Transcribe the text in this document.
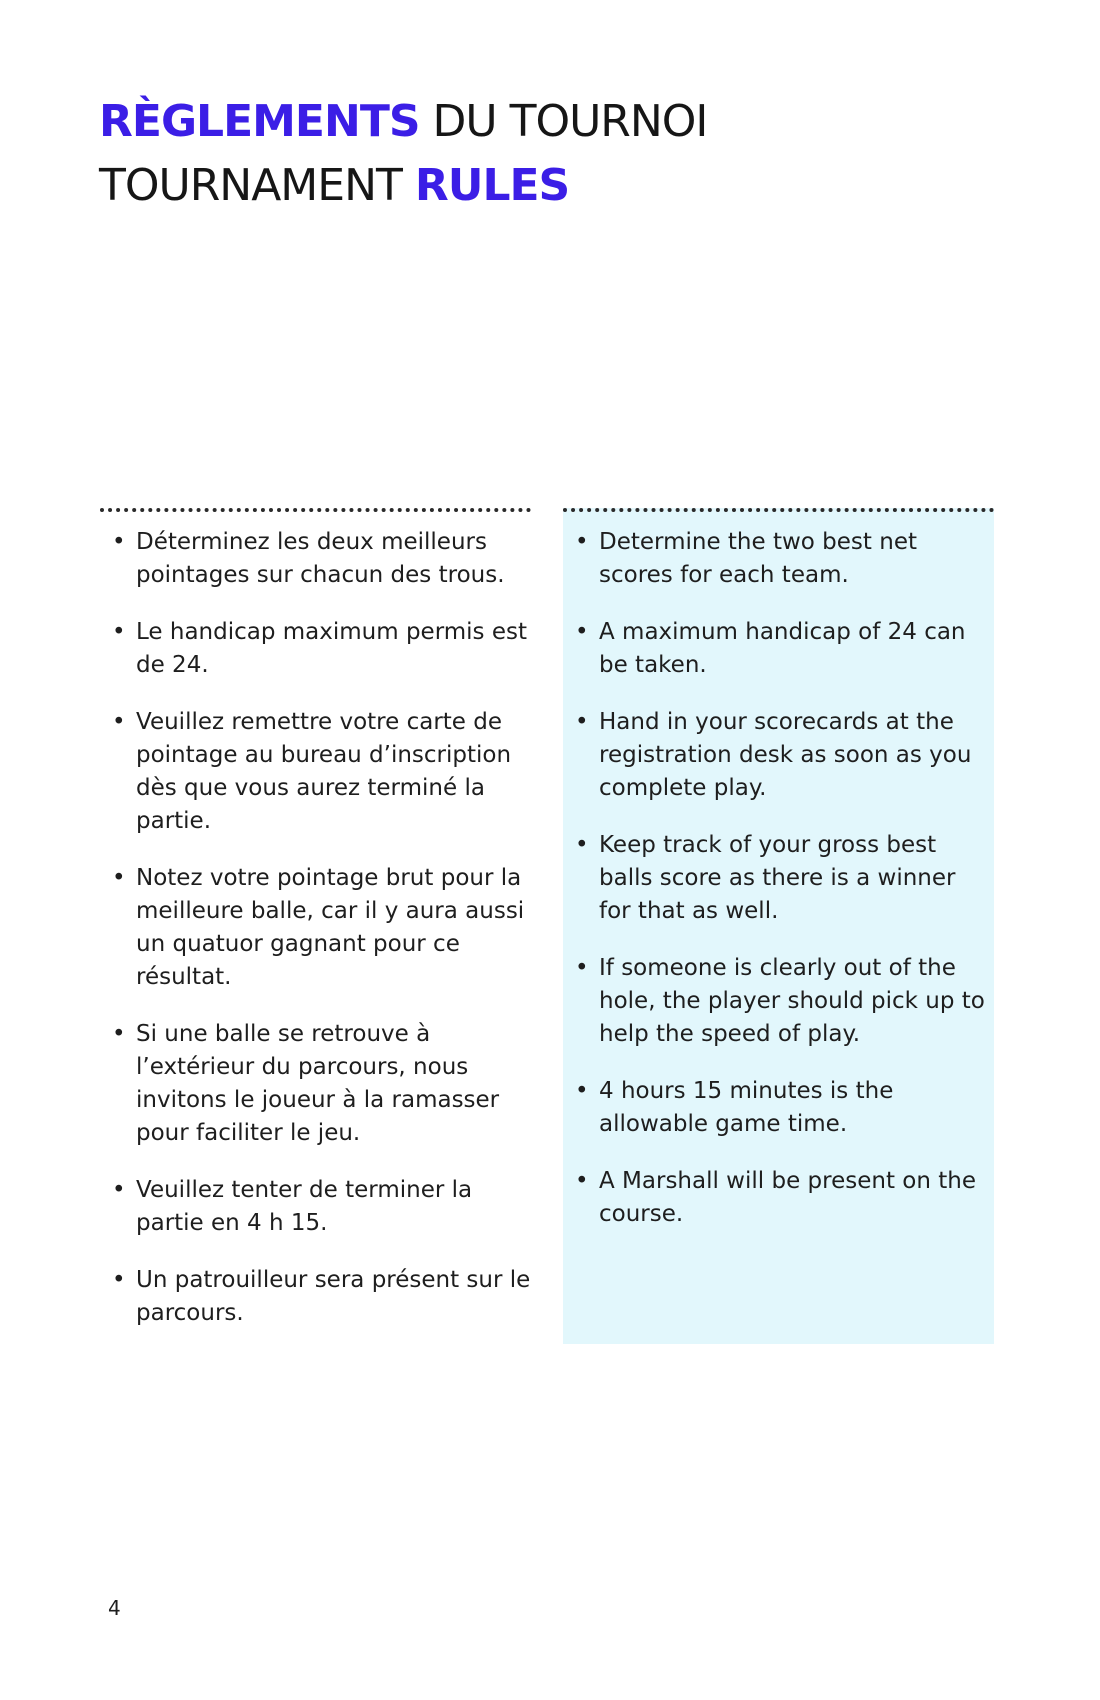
RÈGLEMENTS DU TOURNOI
TOURNAMENT RULES
• Déterminez les deux meilleurs pointages sur chacun des trous.
• Le handicap maximum permis est de 24.
• Veuillez remettre votre carte de pointage au bureau d’inscription dès que vous aurez terminé la partie.
• Notez votre pointage brut pour la meilleure balle, car il y aura aussi un quatuor gagnant pour ce résultat.
• Si une balle se retrouve à l’extérieur du parcours, nous invitons le joueur à la ramasser pour faciliter le jeu.
• Veuillez tenter de terminer la partie en 4 h 15.
• Un patrouilleur sera présent sur le parcours.
• Determine the two best net scores for each team.
• A maximum handicap of 24 can be taken.
• Hand in your scorecards at the registration desk as soon as you complete play.
• Keep track of your gross best balls score as there is a winner for that as well.
• If someone is clearly out of the hole, the player should pick up to help the speed of play.
• 4 hours 15 minutes is the allowable game time.
• A Marshall will be present on the course.
4
